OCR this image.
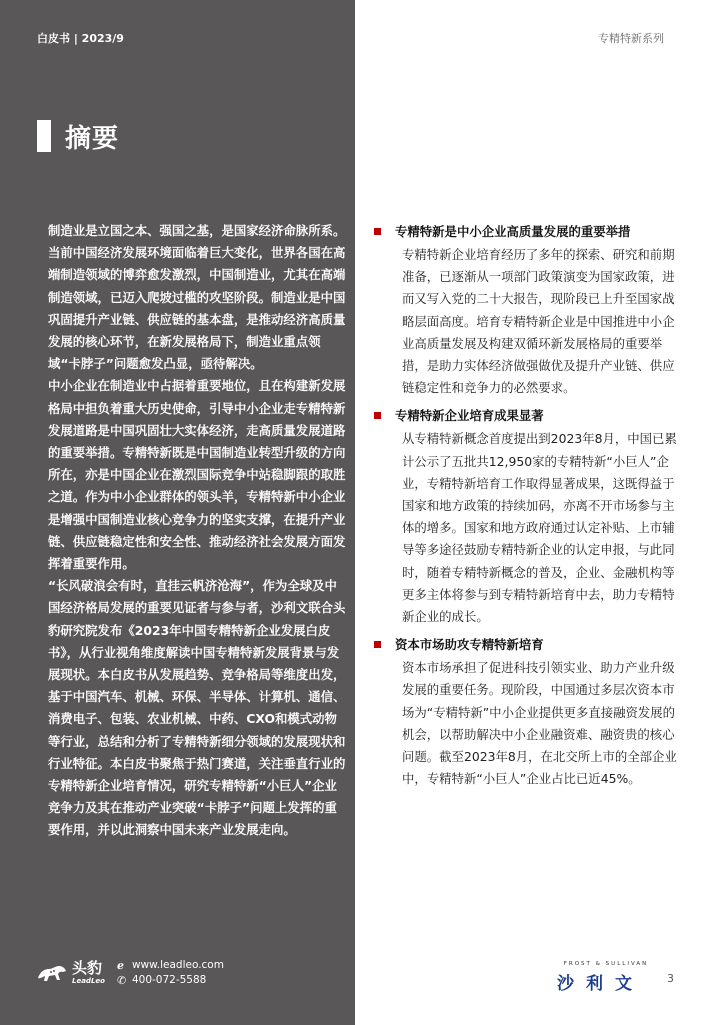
白皮书 | 2023/9
摘要

制造业是立国之本、强国之基，是国家经济命脉所系。当前中国经济发展环境面临着巨大变化，世界各国在高端制造领域的博弈愈发激烈，中国制造业，尤其在高端制造领域，已迈入爬坡过槛的攻坚阶段。制造业是中国巩固提升产业链、供应链的基本盘，是推动经济高质量发展的核心环节，在新发展格局下，制造业重点领域“卡脖子”问题愈发凸显，亟待解决。

中小企业在制造业中占据着重要地位，且在构建新发展格局中担负着重大历史使命，引导中小企业走专精特新发展道路是中国巩固壮大实体经济，走高质量发展道路的重要举措。专精特新既是中国制造业转型升级的方向所在，亦是中国企业在激烈国际竞争中站稳脚跟的取胜之道。作为中小企业群体的领头羊，专精特新中小企业是增强中国制造业核心竞争力的坚实支撑，在提升产业链、供应链稳定性和安全性、推动经济社会发展方面发挥着重要作用。

“长风破浪会有时，直挂云帆济沧海”，作为全球及中国经济格局发展的重要见证者与参与者，沙利文联合头豹研究院发布《2023年中国专精特新企业发展白皮书》，从行业视角维度解读中国专精特新发展背景与发展现状。本白皮书从发展趋势、竞争格局等维度出发，基于中国汽车、机械、环保、半导体、计算机、通信、消费电子、包装、农业机械、中药、CXO和模式动物等行业，总结和分析了专精特新细分领域的发展现状和行业特征。本白皮书聚焦于热门赛道，关注垂直行业的专精特新企业培育情况，研究专精特新“小巨人”企业竞争力及其在推动产业突破“卡脖子”问题上发挥的重要作用，并以此洞察中国未来产业发展走向。

头豹
LeadLeo
ℯ www.leadleo.com
✆ 400-072-5588
专精特新系列
专精特新是中小企业高质量发展的重要举措
专精特新企业培育经历了多年的探索、研究和前期准备，已逐渐从一项部门政策演变为国家政策，进而又写入党的二十大报告，现阶段已上升至国家战略层面高度。培育专精特新企业是中国推进中小企业高质量发展及构建双循环新发展格局的重要举措，是助力实体经济做强做优及提升产业链、供应链稳定性和竞争力的必然要求。
专精特新企业培育成果显著
从专精特新概念首度提出到2023年8月，中国已累计公示了五批共12,950家的专精特新“小巨人”企业，专精特新培育工作取得显著成果，这既得益于国家和地方政策的持续加码，亦离不开市场参与主体的增多。国家和地方政府通过认定补贴、上市辅导等多途径鼓励专精特新企业的认定申报，与此同时，随着专精特新概念的普及，企业、金融机构等更多主体将参与到专精特新培育中去，助力专精特新企业的成长。
资本市场助攻专精特新培育
资本市场承担了促进科技引领实业、助力产业升级发展的重要任务。现阶段，中国通过多层次资本市场为“专精特新”中小企业提供更多直接融资发展的机会，以帮助解决中小企业融资难、融资贵的核心问题。截至2023年8月，在北交所上市的全部企业中，专精特新“小巨人”企业占比已近45%。
FROST & SULLIVAN
沙利文	3
